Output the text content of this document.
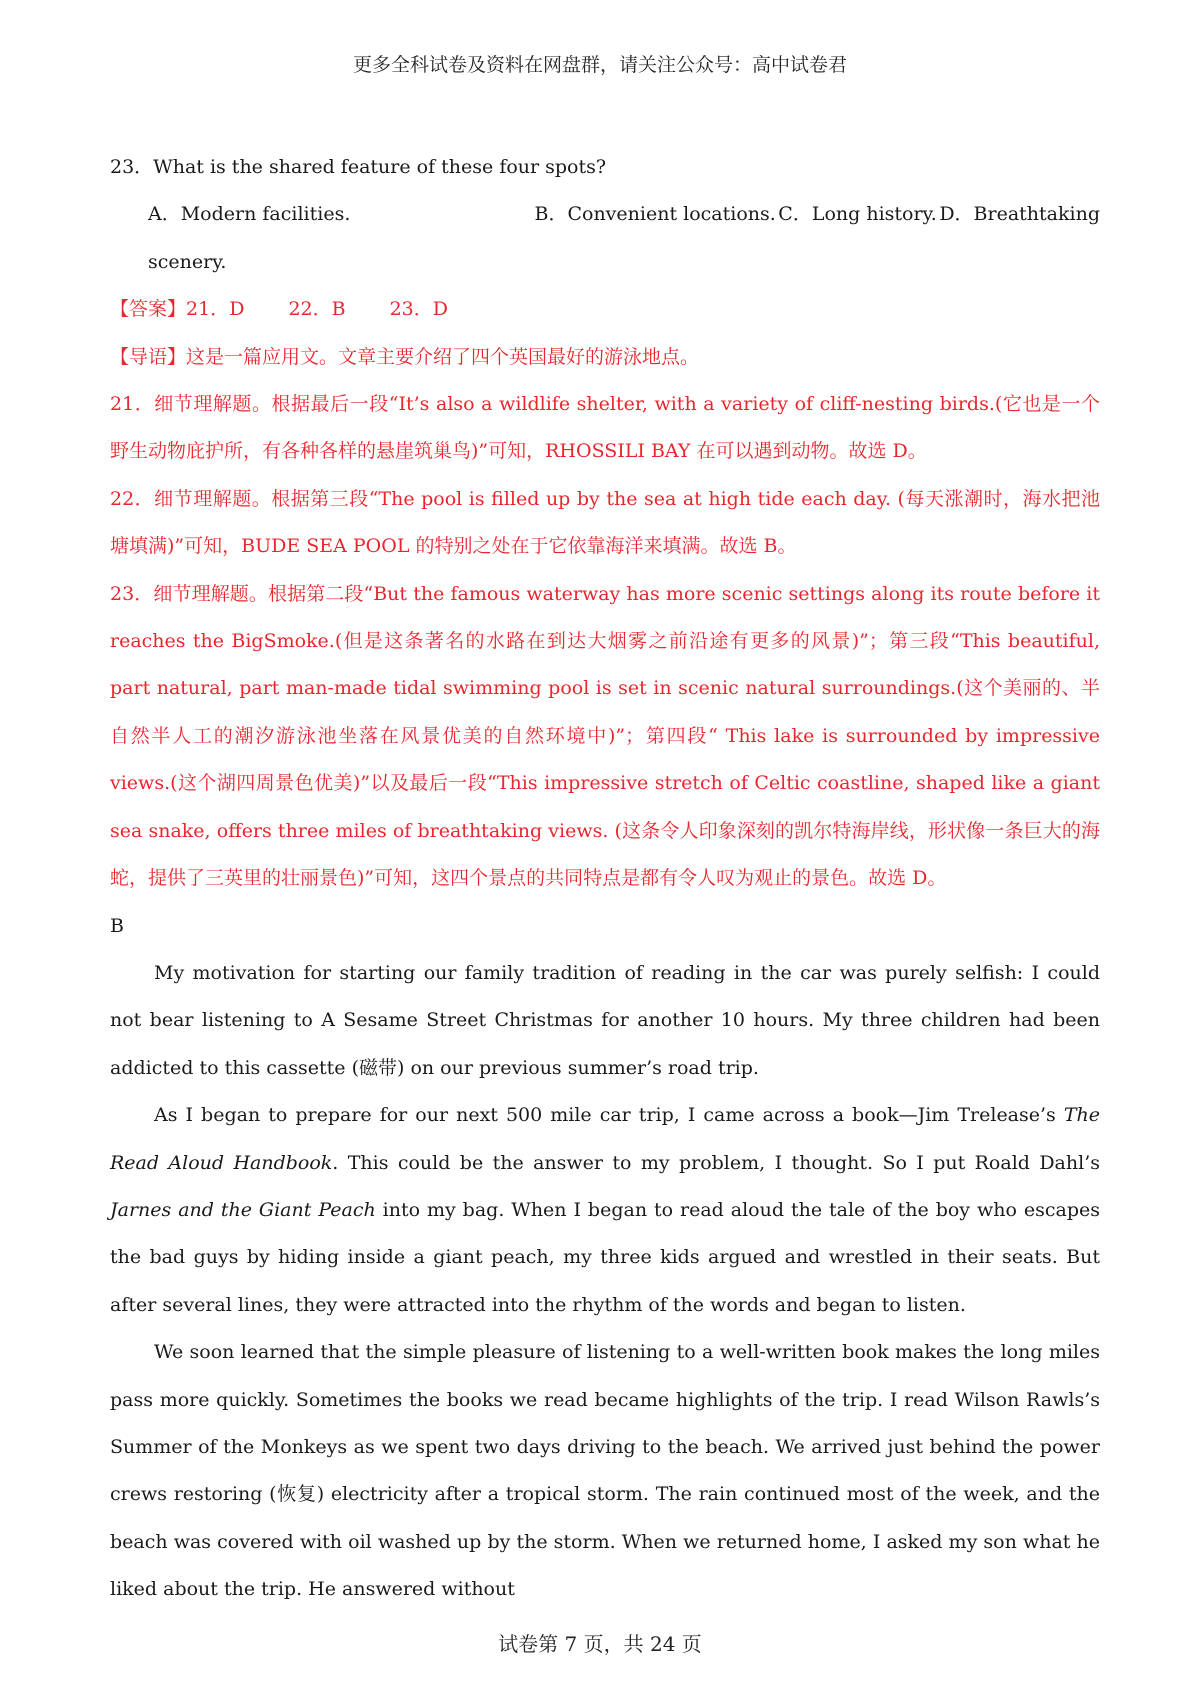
更多全科试卷及资料在网盘群，请关注公众号：高中试卷君

23．What is the shared feature of these four spots?

A．Modern facilities.	B．Convenient locations. C．Long history. D．Breathtaking

scenery.

【答案】21．D 22．B 23．D

【导语】这是一篇应用文。文章主要介绍了四个英国最好的游泳地点。

21．细节理解题。根据最后一段“It’s also a wildlife shelter, with a variety of cliff-nesting birds.(它也是一个野生动物庇护所，有各种各样的悬崖筑巢鸟)”可知，RHOSSILI BAY 在可以遇到动物。故选 D。

22．细节理解题。根据第三段“The pool is filled up by the sea at high tide each day. (每天涨潮时，海水把池塘填满)”可知，BUDE SEA POOL 的特别之处在于它依靠海洋来填满。故选 B。

23．细节理解题。根据第二段“But the famous waterway has more scenic settings along its route before it reaches the BigSmoke.(但是这条著名的水路在到达大烟雾之前沿途有更多的风景)”；第三段“This beautiful, part natural, part man-made tidal swimming pool is set in scenic natural surroundings.(这个美丽的、半自然半人工的潮汐游泳池坐落在风景优美的自然环境中)”；第四段“ This lake is surrounded by impressive views.(这个湖四周景色优美)”以及最后一段“This impressive stretch of Celtic coastline, shaped like a giant sea snake, offers three miles of breathtaking views. (这条令人印象深刻的凯尔特海岸线，形状像一条巨大的海蛇，提供了三英里的壮丽景色)”可知，这四个景点的共同特点是都有令人叹为观止的景色。故选 D。

B

My motivation for starting our family tradition of reading in the car was purely selfish: I could not bear listening to A Sesame Street Christmas for another 10 hours. My three children had been addicted to this cassette (磁带) on our previous summer’s road trip.

As I began to prepare for our next 500 mile car trip, I came across a book—Jim Trelease’s The Read Aloud Handbook. This could be the answer to my problem, I thought. So I put Roald Dahl’s Jarnes and the Giant Peach into my bag. When I began to read aloud the tale of the boy who escapes the bad guys by hiding inside a giant peach, my three kids argued and wrestled in their seats. But after several lines, they were attracted into the rhythm of the words and began to listen.

We soon learned that the simple pleasure of listening to a well-written book makes the long miles pass more quickly. Sometimes the books we read became highlights of the trip. I read Wilson Rawls’s Summer of the Monkeys as we spent two days driving to the beach. We arrived just behind the power crews restoring (恢复) electricity after a tropical storm. The rain continued most of the week, and the beach was covered with oil washed up by the storm. When we returned home, I asked my son what he liked about the trip. He answered without

试卷第 7 页，共 24 页
